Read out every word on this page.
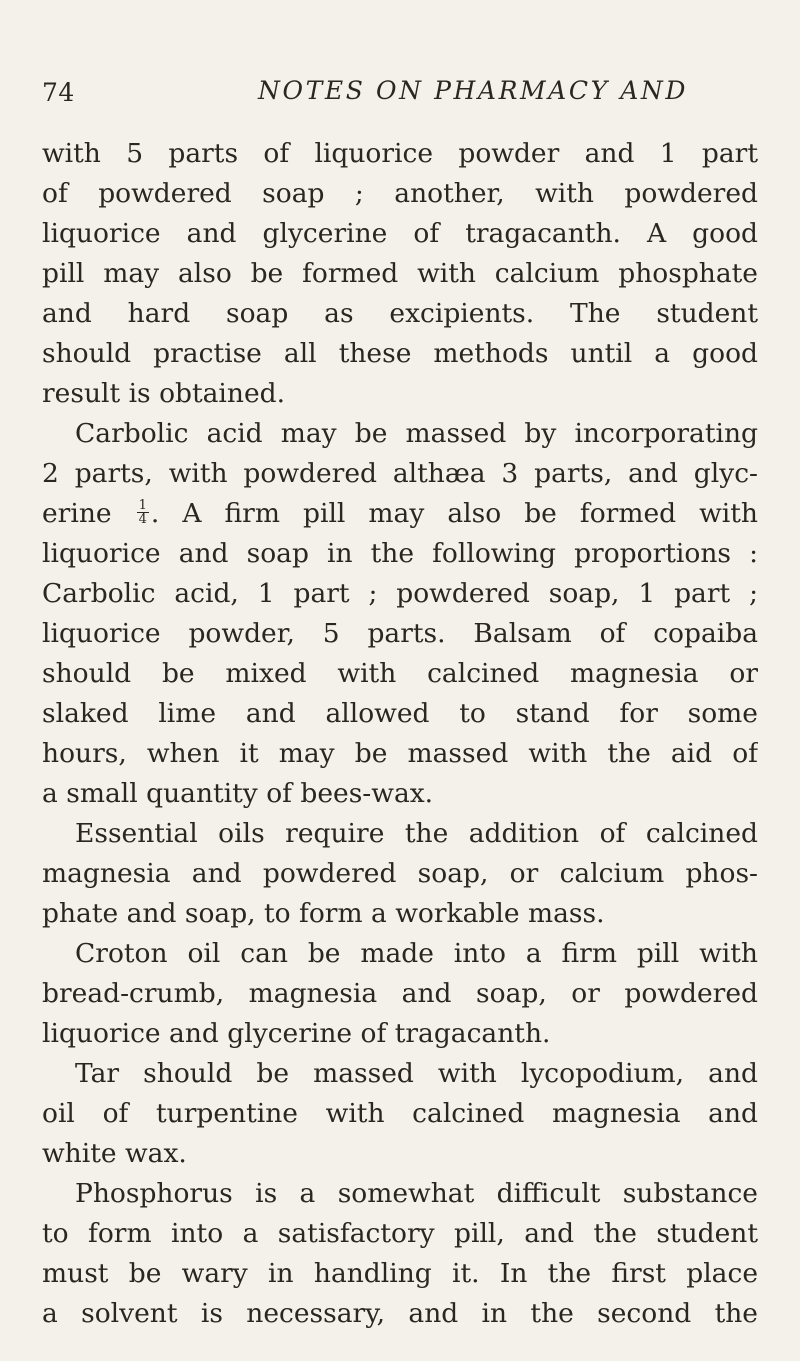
74	NOTES ON PHARMACY AND
with 5 parts of liquorice powder and 1 part
of powdered soap ; another, with powdered
liquorice and glycerine of tragacanth. A good
pill may also be formed with calcium phosphate
and hard soap as excipients. The student
should practise all these methods until a good
result is obtained.
Carbolic acid may be massed by incorporating
2 parts, with powdered althæa 3 parts, and glyc-
erine $\frac{1}{4}$ . A firm pill may also be formed with
liquorice and soap in the following proportions :
Carbolic acid, 1 part ; powdered soap, 1 part ;
liquorice powder, 5 parts. Balsam of copaiba
should be mixed with calcined magnesia or
slaked lime and allowed to stand for some
hours, when it may be massed with the aid of
a small quantity of bees-wax.
Essential oils require the addition of calcined
magnesia and powdered soap, or calcium phos-
phate and soap, to form a workable mass.
Croton oil can be made into a firm pill with
bread-crumb, magnesia and soap, or powdered
liquorice and glycerine of tragacanth.
Tar should be massed with lycopodium, and
oil of turpentine with calcined magnesia and
white wax.
Phosphorus is a somewhat difficult substance
to form into a satisfactory pill, and the student
must be wary in handling it. In the first place
a solvent is necessary, and in the second the
